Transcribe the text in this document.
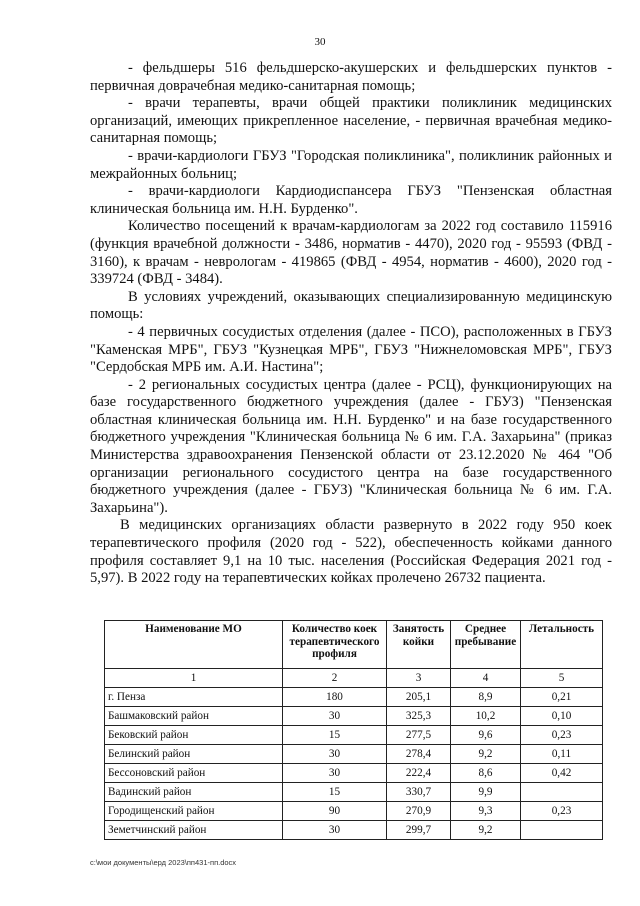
30

- фельдшеры 516 фельдшерско-акушерских и фельдшерских пунктов - первичная доврачебная медико-санитарная помощь;

- врачи терапевты, врачи общей практики поликлиник медицинских организаций, имеющих прикрепленное население, - первичная врачебная медико-санитарная помощь;

- врачи-кардиологи ГБУЗ "Городская поликлиника", поликлиник районных и межрайонных больниц;

- врачи-кардиологи Кардиодиспансера ГБУЗ "Пензенская областная клиническая больница им. Н.Н. Бурденко".

Количество посещений к врачам-кардиологам за 2022 год составило 115916 (функция врачебной должности - 3486, норматив - 4470), 2020 год - 95593 (ФВД - 3160), к врачам - неврологам - 419865 (ФВД - 4954, норматив - 4600), 2020 год - 339724 (ФВД - 3484).

В условиях учреждений, оказывающих специализированную медицинскую помощь:

- 4 первичных сосудистых отделения (далее - ПСО), расположенных в ГБУЗ "Каменская МРБ", ГБУЗ "Кузнецкая МРБ", ГБУЗ "Нижнеломовская МРБ", ГБУЗ "Сердобская МРБ им. А.И. Настина";

- 2 региональных сосудистых центра (далее - РСЦ), функционирующих на базе государственного бюджетного учреждения (далее - ГБУЗ) "Пензенская областная клиническая больница им. Н.Н. Бурденко" и на базе государственного бюджетного учреждения "Клиническая больница № 6 им. Г.А. Захарьина" (приказ Министерства здравоохранения Пензенской области от 23.12.2020 № 464 "Об организации регионального сосудистого центра на базе государственного бюджетного учреждения (далее - ГБУЗ) "Клиническая больница № 6 им. Г.А. Захарьина").

В медицинских организациях области развернуто в 2022 году 950 коек терапевтического профиля (2020 год - 522), обеспеченность койками данного профиля составляет 9,1 на 10 тыс. населения (Российская Федерация 2021 год - 5,97). В 2022 году на терапевтических койках пролечено 26732 пациента.

Наименование МО	Количество коек терапевтического профиля	Занятость койки	Среднее пребывание	Летальность
1	2	3	4	5
г. Пенза	180	205,1	8,9	0,21
Башмаковский район	30	325,3	10,2	0,10
Бековский район	15	277,5	9,6	0,23
Белинский район	30	278,4	9,2	0,11
Бессоновский район	30	222,4	8,6	0,42
Вадинский район	15	330,7	9,9	
Городищенский район	90	270,9	9,3	0,23
Земетчинский район	30	299,7	9,2	
c:\мои документы\ерд 2023\пп431-пп.docx
